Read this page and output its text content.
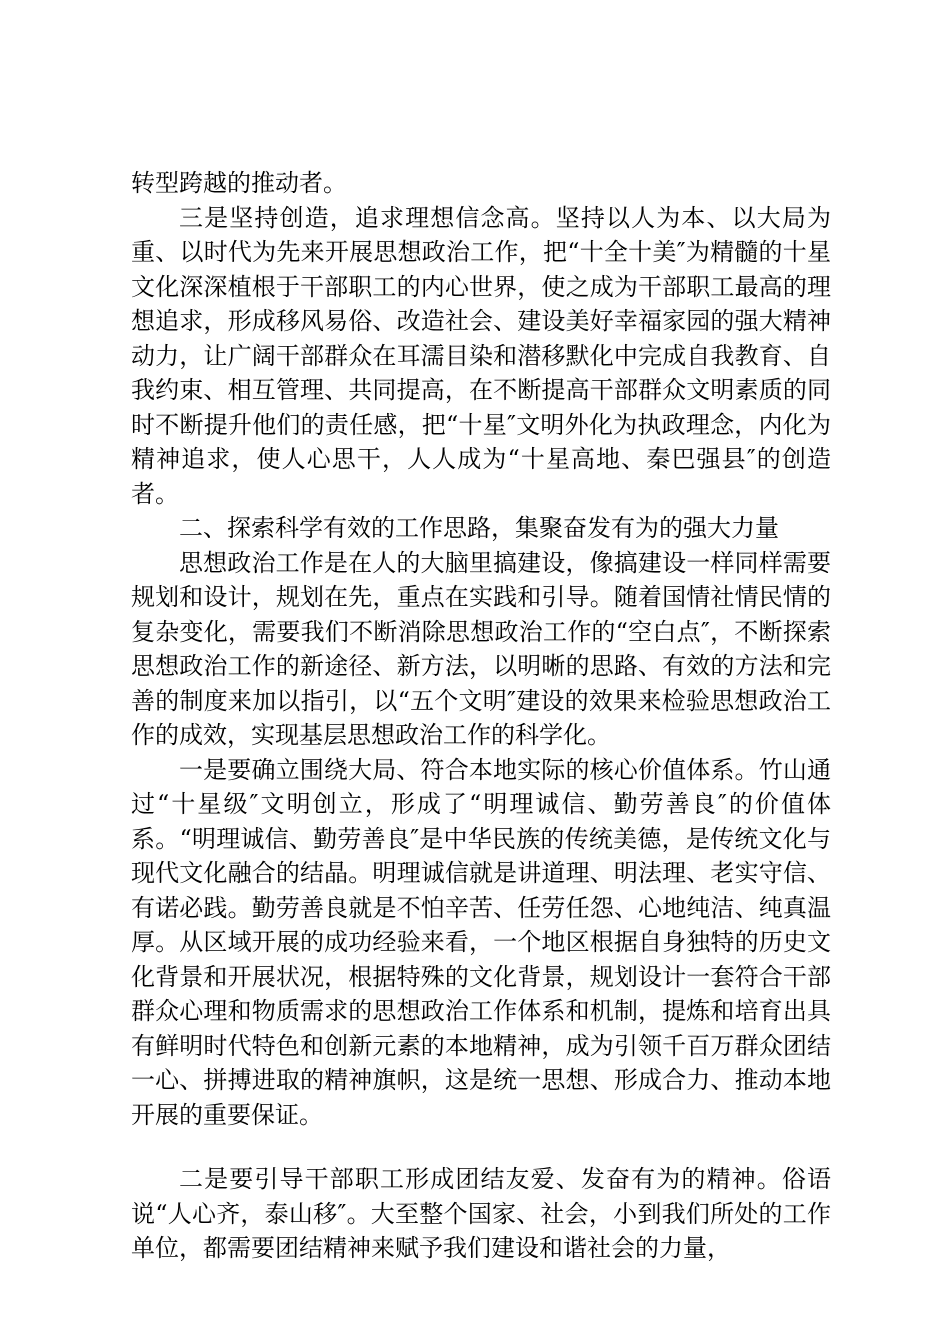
转型跨越的推动者。

三是坚持创造，追求理想信念高。坚持以人为本、以大局为重、以时代为先来开展思想政治工作，把“十全十美″为精髓的十星文化深深植根于干部职工的内心世界，使之成为干部职工最高的理想追求，形成移风易俗、改造社会、建设美好幸福家园的强大精神动力，让广阔干部群众在耳濡目染和潜移默化中完成自我教育、自我约束、相互管理、共同提高，在不断提高干部群众文明素质的同时不断提升他们的责任感，把“十星″文明外化为执政理念，内化为精神追求，使人心思干，人人成为“十星高地、秦巴强县″的创造者。

二、探索科学有效的工作思路，集聚奋发有为的强大力量

思想政治工作是在人的大脑里搞建设，像搞建设一样同样需要规划和设计，规划在先，重点在实践和引导。随着国情社情民情的复杂变化，需要我们不断消除思想政治工作的“空白点″，不断探索思想政治工作的新途径、新方法，以明晰的思路、有效的方法和完善的制度来加以指引，以“五个文明″建设的效果来检验思想政治工作的成效，实现基层思想政治工作的科学化。

一是要确立围绕大局、符合本地实际的核心价值体系。竹山通过“十星级″文明创立，形成了“明理诚信、勤劳善良″的价值体系。“明理诚信、勤劳善良″是中华民族的传统美德，是传统文化与现代文化融合的结晶。明理诚信就是讲道理、明法理、老实守信、有诺必践。勤劳善良就是不怕辛苦、任劳任怨、心地纯洁、纯真温厚。从区域开展的成功经验来看，一个地区根据自身独特的历史文化背景和开展状况，根据特殊的文化背景，规划设计一套符合干部群众心理和物质需求的思想政治工作体系和机制，提炼和培育出具有鲜明时代特色和创新元素的本地精神，成为引领千百万群众团结一心、拼搏进取的精神旗帜，这是统一思想、形成合力、推动本地开展的重要保证。

二是要引导干部职工形成团结友爱、发奋有为的精神。俗语说“人心齐，泰山移″。大至整个国家、社会，小到我们所处的工作单位，都需要团结精神来赋予我们建设和谐社会的力量，
